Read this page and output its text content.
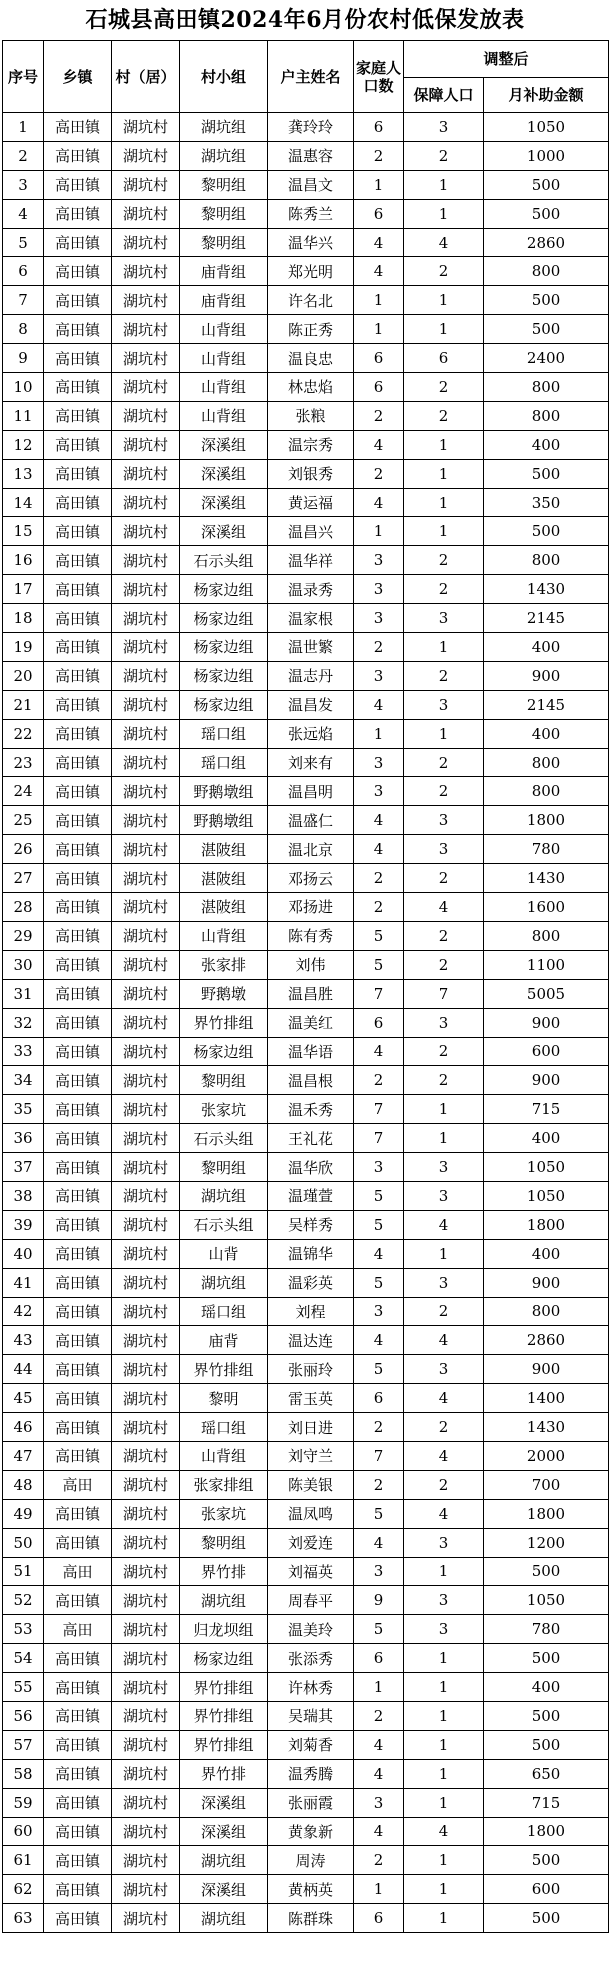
石城县高田镇2024年6月份农村低保发放表
序号	乡镇	村（居）	村小组	户主姓名	家庭人口数	调整后	
						保障人口	月补助金额
1	高田镇	湖坑村	湖坑组	龚玲玲	6	3	1050
2	高田镇	湖坑村	湖坑组	温惠容	2	2	1000
3	高田镇	湖坑村	黎明组	温昌文	1	1	500
4	高田镇	湖坑村	黎明组	陈秀兰	6	1	500
5	高田镇	湖坑村	黎明组	温华兴	4	4	2860
6	高田镇	湖坑村	庙背组	郑光明	4	2	800
7	高田镇	湖坑村	庙背组	许名北	1	1	500
8	高田镇	湖坑村	山背组	陈正秀	1	1	500
9	高田镇	湖坑村	山背组	温良忠	6	6	2400
10	高田镇	湖坑村	山背组	林忠焰	6	2	800
11	高田镇	湖坑村	山背组	张粮	2	2	800
12	高田镇	湖坑村	深溪组	温宗秀	4	1	400
13	高田镇	湖坑村	深溪组	刘银秀	2	1	500
14	高田镇	湖坑村	深溪组	黄运福	4	1	350
15	高田镇	湖坑村	深溪组	温昌兴	1	1	500
16	高田镇	湖坑村	石示头组	温华祥	3	2	800
17	高田镇	湖坑村	杨家边组	温录秀	3	2	1430
18	高田镇	湖坑村	杨家边组	温家根	3	3	2145
19	高田镇	湖坑村	杨家边组	温世繁	2	1	400
20	高田镇	湖坑村	杨家边组	温志丹	3	2	900
21	高田镇	湖坑村	杨家边组	温昌发	4	3	2145
22	高田镇	湖坑村	瑶口组	张远焰	1	1	400
23	高田镇	湖坑村	瑶口组	刘来有	3	2	800
24	高田镇	湖坑村	野鹅墩组	温昌明	3	2	800
25	高田镇	湖坑村	野鹅墩组	温盛仁	4	3	1800
26	高田镇	湖坑村	湛陂组	温北京	4	3	780
27	高田镇	湖坑村	湛陂组	邓扬云	2	2	1430
28	高田镇	湖坑村	湛陂组	邓扬进	2	4	1600
29	高田镇	湖坑村	山背组	陈有秀	5	2	800
30	高田镇	湖坑村	张家排	刘伟	5	2	1100
31	高田镇	湖坑村	野鹅墩	温昌胜	7	7	5005
32	高田镇	湖坑村	界竹排组	温美红	6	3	900
33	高田镇	湖坑村	杨家边组	温华语	4	2	600
34	高田镇	湖坑村	黎明组	温昌根	2	2	900
35	高田镇	湖坑村	张家坑	温禾秀	7	1	715
36	高田镇	湖坑村	石示头组	王礼花	7	1	400
37	高田镇	湖坑村	黎明组	温华欣	3	3	1050
38	高田镇	湖坑村	湖坑组	温瑾萱	5	3	1050
39	高田镇	湖坑村	石示头组	吴样秀	5	4	1800
40	高田镇	湖坑村	山背	温锦华	4	1	400
41	高田镇	湖坑村	湖坑组	温彩英	5	3	900
42	高田镇	湖坑村	瑶口组	刘程	3	2	800
43	高田镇	湖坑村	庙背	温达连	4	4	2860
44	高田镇	湖坑村	界竹排组	张丽玲	5	3	900
45	高田镇	湖坑村	黎明	雷玉英	6	4	1400
46	高田镇	湖坑村	瑶口组	刘日进	2	2	1430
47	高田镇	湖坑村	山背组	刘守兰	7	4	2000
48	高田	湖坑村	张家排组	陈美银	2	2	700
49	高田镇	湖坑村	张家坑	温凤鸣	5	4	1800
50	高田镇	湖坑村	黎明组	刘爱连	4	3	1200
51	高田	湖坑村	界竹排	刘福英	3	1	500
52	高田镇	湖坑村	湖坑组	周春平	9	3	1050
53	高田	湖坑村	归龙坝组	温美玲	5	3	780
54	高田镇	湖坑村	杨家边组	张添秀	6	1	500
55	高田镇	湖坑村	界竹排组	许林秀	1	1	400
56	高田镇	湖坑村	界竹排组	吴瑞其	2	1	500
57	高田镇	湖坑村	界竹排组	刘菊香	4	1	500
58	高田镇	湖坑村	界竹排	温秀腾	4	1	650
59	高田镇	湖坑村	深溪组	张丽霞	3	1	715
60	高田镇	湖坑村	深溪组	黄象新	4	4	1800
61	高田镇	湖坑村	湖坑组	周涛	2	1	500
62	高田镇	湖坑村	深溪组	黄柄英	1	1	600
63	高田镇	湖坑村	湖坑组	陈群珠	6	1	500
